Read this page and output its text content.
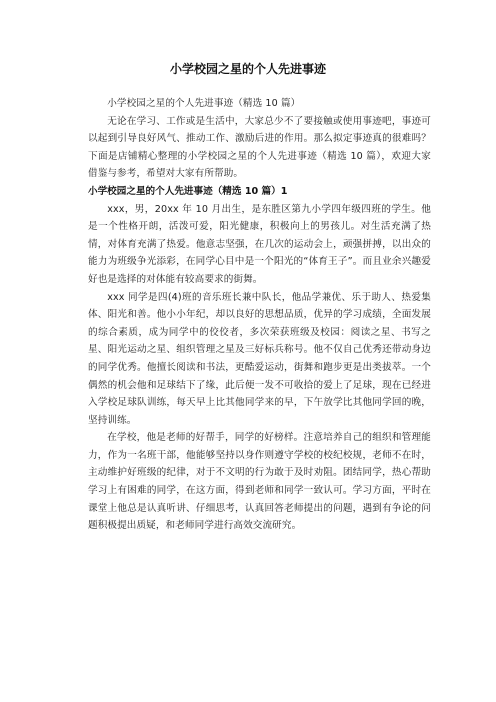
小学校园之星的个人先进事迹

小学校园之星的个人先进事迹（精选 10 篇）

无论在学习、工作或是生活中，大家总少不了要接触或使用事迹吧，事迹可以起到引导良好风气、推动工作、激励后进的作用。那么拟定事迹真的很难吗？下面是店铺精心整理的小学校园之星的个人先进事迹（精选 10 篇），欢迎大家借鉴与参考，希望对大家有所帮助。

小学校园之星的个人先进事迹（精选 10 篇）1

xxx，男，20xx 年 10 月出生，是东胜区第九小学四年级四班的学生。他是一个性格开朗，活泼可爱，阳光健康，积极向上的男孩儿。对生活充满了热情，对体育充满了热爱。他意志坚强，在几次的运动会上，顽强拼搏，以出众的能力为班级争光添彩，在同学心目中是一个阳光的“体育王子”。而且业余兴趣爱好也是选择的对体能有较高要求的街舞。

xxx 同学是四(4)班的音乐班长兼中队长，他品学兼优、乐于助人、热爱集体、阳光和善。他小小年纪，却以良好的思想品质，优异的学习成绩，全面发展的综合素质，成为同学中的佼佼者，多次荣获班级及校园：阅读之星、书写之星、阳光运动之星、组织管理之星及三好标兵称号。他不仅自己优秀还带动身边的同学优秀。他擅长阅读和书法，更酷爱运动，街舞和跑步更是出类拔萃。一个偶然的机会他和足球结下了缘，此后便一发不可收拾的爱上了足球，现在已经进入学校足球队训练，每天早上比其他同学来的早，下午放学比其他同学回的晚，坚持训练。

在学校，他是老师的好帮手，同学的好榜样。注意培养自己的组织和管理能力，作为一名班干部，他能够坚持以身作则遵守学校的校纪校规，老师不在时，主动维护好班级的纪律，对于不文明的行为敢于及时劝阻。团结同学，热心帮助学习上有困难的同学，在这方面，得到老师和同学一致认可。学习方面，平时在课堂上他总是认真听讲、仔细思考，认真回答老师提出的问题，遇到有争论的问题积极提出质疑，和老师同学进行高效交流研究。
